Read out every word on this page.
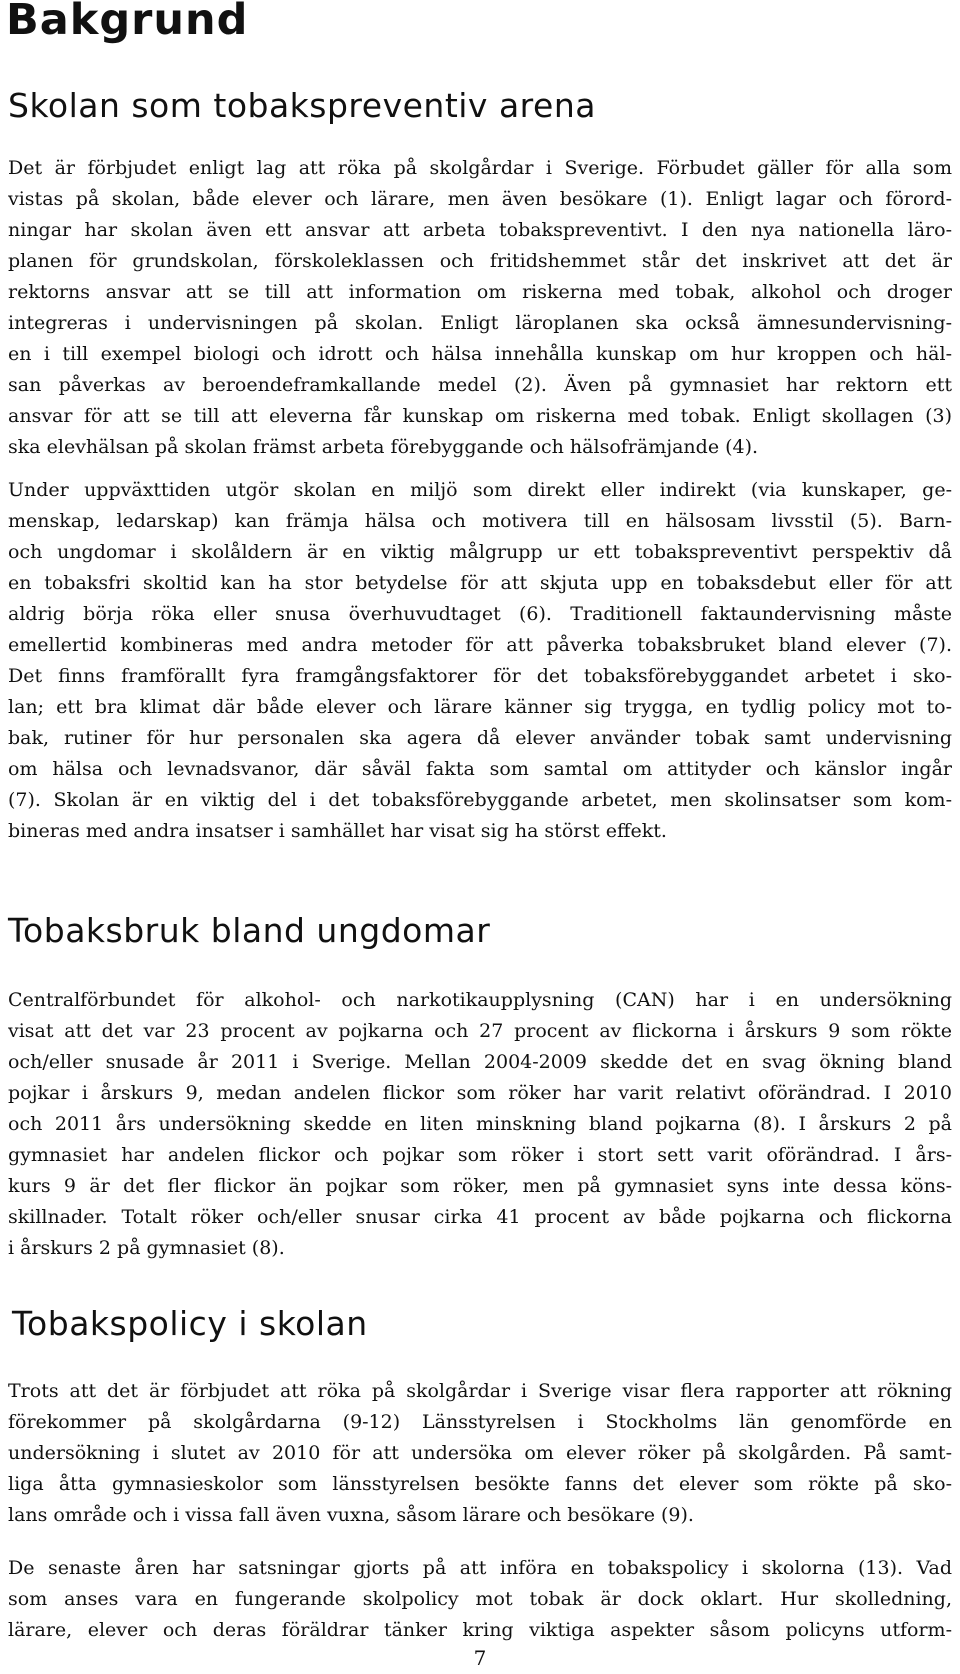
Bakgrund
Skolan som tobakspreventiv arena
Det är förbjudet enligt lag att röka på skolgårdar i Sverige. Förbudet gäller för alla som
vistas på skolan, både elever och lärare, men även besökare (1). Enligt lagar och förord-
ningar har skolan även ett ansvar att arbeta tobakspreventivt. I den nya nationella läro-
planen för grundskolan, förskoleklassen och fritidshemmet står det inskrivet att det är
rektorns ansvar att se till att information om riskerna med tobak, alkohol och droger
integreras i undervisningen på skolan. Enligt läroplanen ska också ämnesundervisning-
en i till exempel biologi och idrott och hälsa innehålla kunskap om hur kroppen och häl-
san påverkas av beroendeframkallande medel (2). Även på gymnasiet har rektorn ett
ansvar för att se till att eleverna får kunskap om riskerna med tobak. Enligt skollagen (3)
ska elevhälsan på skolan främst arbeta förebyggande och hälsofrämjande (4).
Under uppväxttiden utgör skolan en miljö som direkt eller indirekt (via kunskaper, ge-
menskap, ledarskap) kan främja hälsa och motivera till en hälsosam livsstil (5). Barn-
och ungdomar i skolåldern är en viktig målgrupp ur ett tobakspreventivt perspektiv då
en tobaksfri skoltid kan ha stor betydelse för att skjuta upp en tobaksdebut eller för att
aldrig börja röka eller snusa överhuvudtaget (6). Traditionell faktaundervisning måste
emellertid kombineras med andra metoder för att påverka tobaksbruket bland elever (7).
Det finns framförallt fyra framgångsfaktorer för det tobaksförebyggandet arbetet i sko-
lan; ett bra klimat där både elever och lärare känner sig trygga, en tydlig policy mot to-
bak, rutiner för hur personalen ska agera då elever använder tobak samt undervisning
om hälsa och levnadsvanor, där såväl fakta som samtal om attityder och känslor ingår
(7). Skolan är en viktig del i det tobaksförebyggande arbetet, men skolinsatser som kom-
bineras med andra insatser i samhället har visat sig ha störst effekt.
Tobaksbruk bland ungdomar
Centralförbundet för alkohol- och narkotikaupplysning (CAN) har i en undersökning
visat att det var 23 procent av pojkarna och 27 procent av flickorna i årskurs 9 som rökte
och/eller snusade år 2011 i Sverige. Mellan 2004-2009 skedde det en svag ökning bland
pojkar i årskurs 9, medan andelen flickor som röker har varit relativt oförändrad. I 2010
och 2011 års undersökning skedde en liten minskning bland pojkarna (8). I årskurs 2 på
gymnasiet har andelen flickor och pojkar som röker i stort sett varit oförändrad. I års-
kurs 9 är det fler flickor än pojkar som röker, men på gymnasiet syns inte dessa köns-
skillnader. Totalt röker och/eller snusar cirka 41 procent av både pojkarna och flickorna
i årskurs 2 på gymnasiet (8).
Tobakspolicy i skolan
Trots att det är förbjudet att röka på skolgårdar i Sverige visar flera rapporter att rökning
förekommer på skolgårdarna (9-12) Länsstyrelsen i Stockholms län genomförde en
undersökning i slutet av 2010 för att undersöka om elever röker på skolgården. På samt-
liga åtta gymnasieskolor som länsstyrelsen besökte fanns det elever som rökte på sko-
lans område och i vissa fall även vuxna, såsom lärare och besökare (9).
De senaste åren har satsningar gjorts på att införa en tobakspolicy i skolorna (13). Vad
som anses vara en fungerande skolpolicy mot tobak är dock oklart. Hur skolledning,
lärare, elever och deras föräldrar tänker kring viktiga aspekter såsom policyns utform-
7
